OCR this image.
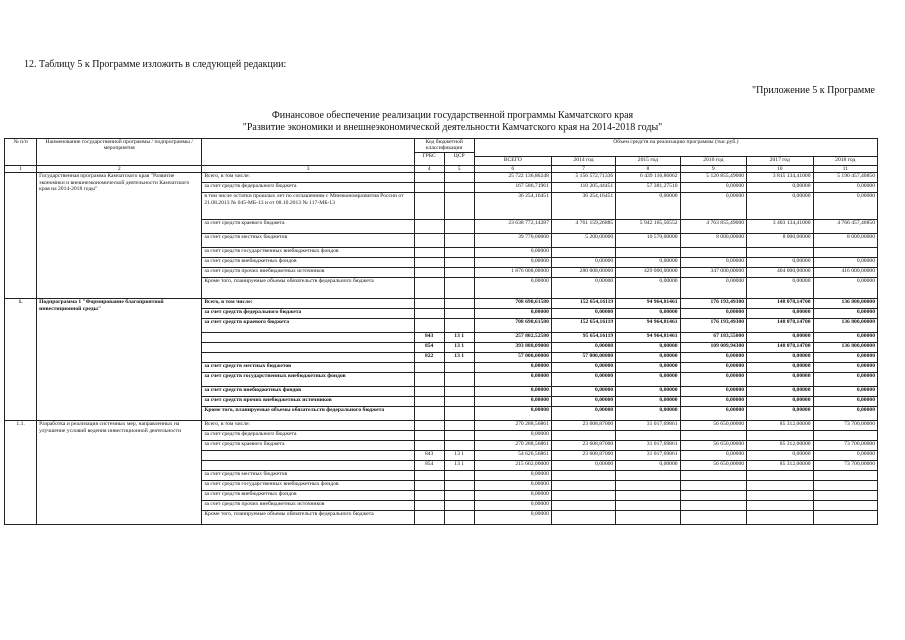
12. Таблицу 5 к Программе изложить в следующей редакции:
"Приложение 5 к Программе
Финансовое обеспечение реализации государственной программы Камчатского края
"Развитие экономики и внешнеэкономической деятельности Камчатского края на 2014-2018 годы"
№ п/п	Наименование государственной программы / подпрограммы / мероприятия		Код бюджетной классификации		Объем средств на реализацию программы (тыс.руб.)					
			ГРБС	ЦСР						
					ВСЕГО	2014 год	2015 год	2016 год	2017 год	2018 год
1	2	3	4	5	6	7	8	9	10	11
	Государственная программа Камчатского края "Развитие экономики и внешнеэкономической деятельности Камчатского края на 2014-2018 годы"	Всего, в том числе:			25 722 136,86248	5 156 572,71336	6 439 116,86062	5 120 855,49000	3 815 134,41000	5 190 457,40850
		за счет средств федерального бюджета			167 586,71961	110 205,44451	57 381,27510	0,00000	0,00000	0,00000
		в том числе остатки прошлых лет по соглашениям с Минэкономразвития России от 21.08.2013 № 045-МБ-13 и от 08.10.2013 № 117-МБ-13			36 254,16451	36 254,16451	0,00000	0,00000	0,00000	0,00000
		за счет средств краевого бюджета			23 638 772,14287	4 761 159,26885	5 942 165,56552	4 763 855,49000	3 403 134,41000	4 766 457,40850
		за счет средств местных бюджетов			39 770,00000	5 200,00000	10 570,00000	8 000,00000	8 000,00000	8 000,00000
		за счет средств государственных внебюджетных фондов			0,00000					
		за счет средств внебюджетных фондов			0,00000	0,00000	0,00000	0,00000	0,00000	0,00000
		за счет средств прочих внебюджетных источников			1 876 008,00000	280 008,00000	429 000,00000	347 000,00000	404 000,00000	416 000,00000
		Кроме того, планируемые объемы обязательств федерального бюджета			0,00000	0,00000	0,00000	0,00000	0,00000	0,00000
1.	Подпрограмма 1 "Формирование благоприятной инвестиционной среды"	Всего, в том числе:			708 690,61580	152 654,16119	94 964,81461	176 193,49300	148 078,14700	136 800,00000
		за счет средств федерального бюджета			0,00000	0,00000	0,00000	0,00000	0,00000	0,00000
		за счет средств краевого бюджета			708 690,61580	152 654,16119	94 964,81461	176 193,49300	148 078,14700	136 800,00000
			843	13 1	257 802,52580	95 654,16119	94 964,81461	67 183,55000	0,00000	0,00000
			854	13 1	393 888,09000	0,00000	0,00000	109 009,94300	148 078,14700	136 800,00000
			822	13 1	57 000,00000	57 000,00000	0,00000	0,00000	0,00000	0,00000
		за счет средств местных бюджетов			0,00000	0,00000	0,00000	0,00000	0,00000	0,00000
		за счет средств государственных внебюджетных фондов			0,00000	0,00000	0,00000	0,00000	0,00000	0,00000
		за счет средств внебюджетных фондов			0,00000	0,00000	0,00000	0,00000	0,00000	0,00000
		за счет средств прочих внебюджетных источников			0,00000	0,00000	0,00000	0,00000	0,00000	0,00000
		Кроме того, планируемые объемы обязательств федерального бюджета			0,00000	0,00000	0,00000	0,00000	0,00000	0,00000
1.1.	Разработка и реализация системных мер, направленных на улучшение условий ведения инвестиционной деятельности	Всего, в том числе:			270 288,56861	23 608,87000	31 017,69861	56 650,00000	85 312,00000	73 700,00000
		за счет средств федерального бюджета			0,00000					
		за счет средств краевого бюджета			270 288,56861	23 608,87000	31 017,69861	56 650,00000	85 312,00000	73 700,00000
			843	13 1	54 626,56861	23 608,87000	31 017,69861	0,00000	0,00000	0,00000
			854	13 1	215 662,00000	0,00000	0,00000	56 650,00000	85 312,00000	73 700,00000
		за счет средств местных бюджетов			0,00000					
		за счет средств государственных внебюджетных фондов			0,00000					
		за счет средств внебюджетных фондов			0,00000					
		за счет средств прочих внебюджетных источников			0,00000					
		Кроме того, планируемые объемы обязательств федерального бюджета			0,00000					
